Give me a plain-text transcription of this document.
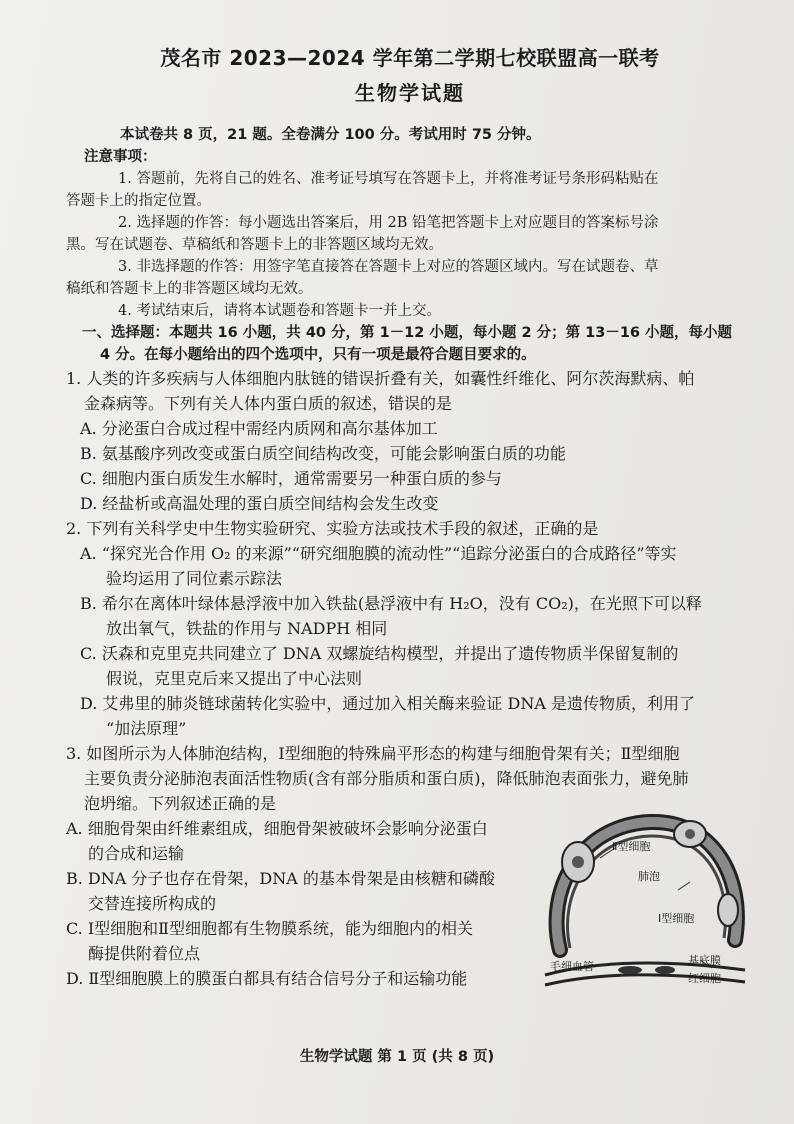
茂名市 2023—2024 学年第二学期七校联盟高一联考
生物学试题
本试卷共 8 页，21 题。全卷满分 100 分。考试用时 75 分钟。
注意事项：
1. 答题前，先将自己的姓名、准考证号填写在答题卡上，并将准考证号条形码粘贴在
答题卡上的指定位置。
2. 选择题的作答：每小题选出答案后，用 2B 铅笔把答题卡上对应题目的答案标号涂
黑。写在试题卷、草稿纸和答题卡上的非答题区域均无效。
3. 非选择题的作答：用签字笔直接答在答题卡上对应的答题区域内。写在试题卷、草
稿纸和答题卡上的非答题区域均无效。
4. 考试结束后，请将本试题卷和答题卡一并上交。
一、选择题：本题共 16 小题，共 40 分，第 1－12 小题，每小题 2 分；第 13－16 小题，每小题
4 分。在每小题给出的四个选项中，只有一项是最符合题目要求的。
1. 人类的许多疾病与人体细胞内肽链的错误折叠有关，如囊性纤维化、阿尔茨海默病、帕
金森病等。下列有关人体内蛋白质的叙述，错误的是
A. 分泌蛋白合成过程中需经内质网和高尔基体加工
B. 氨基酸序列改变或蛋白质空间结构改变，可能会影响蛋白质的功能
C. 细胞内蛋白质发生水解时，通常需要另一种蛋白质的参与
D. 经盐析或高温处理的蛋白质空间结构会发生改变
2. 下列有关科学史中生物实验研究、实验方法或技术手段的叙述，正确的是
A. “探究光合作用 O₂ 的来源”“研究细胞膜的流动性”“追踪分泌蛋白的合成路径”等实
验均运用了同位素示踪法
B. 希尔在离体叶绿体悬浮液中加入铁盐(悬浮液中有 H₂O，没有 CO₂)，在光照下可以释
放出氧气，铁盐的作用与 NADPH 相同
C. 沃森和克里克共同建立了 DNA 双螺旋结构模型，并提出了遗传物质半保留复制的
假说，克里克后来又提出了中心法则
D. 艾弗里的肺炎链球菌转化实验中，通过加入相关酶来验证 DNA 是遗传物质，利用了
“加法原理”
3. 如图所示为人体肺泡结构，Ⅰ型细胞的特殊扁平形态的构建与细胞骨架有关；Ⅱ型细胞
主要负责分泌肺泡表面活性物质(含有部分脂质和蛋白质)，降低肺泡表面张力，避免肺
泡坍缩。下列叙述正确的是
A. 细胞骨架由纤维素组成，细胞骨架被破坏会影响分泌蛋白
的合成和运输
B. DNA 分子也存在骨架，DNA 的基本骨架是由核糖和磷酸
交替连接所构成的
C. Ⅰ型细胞和Ⅱ型细胞都有生物膜系统，能为细胞内的相关
酶提供附着位点
D. Ⅱ型细胞膜上的膜蛋白都具有结合信号分子和运输功能
Ⅱ型细胞
肺泡
Ⅰ型细胞
毛细血管	基底膜
红细胞
生物学试题 第 1 页 (共 8 页)
